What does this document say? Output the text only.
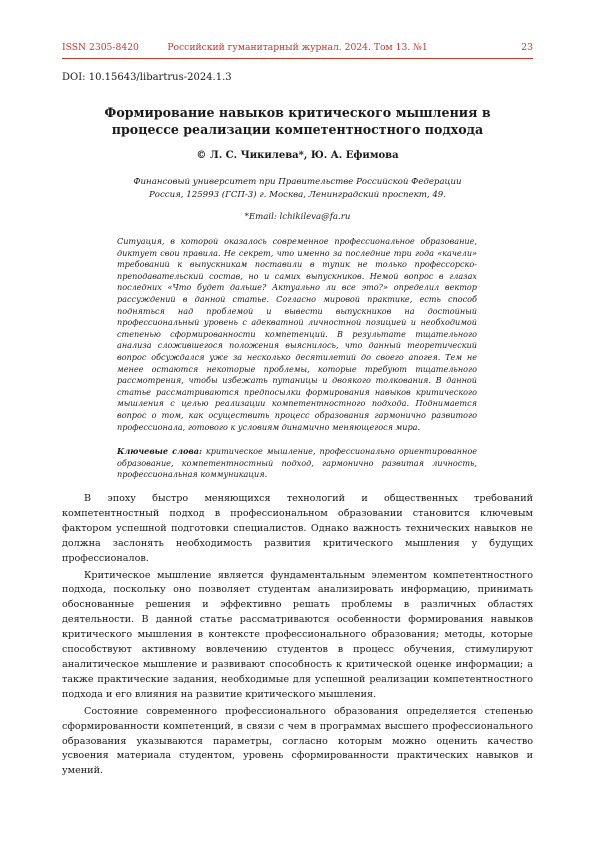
ISSN 2305-8420	Российский гуманитарный журнал. 2024. Том 13. №1	23
DOI: 10.15643/libartrus-2024.1.3
Формирование навыков критического мышления в процессе реализации компетентностного подхода
© Л. С. Чикилева*, Ю. А. Ефимова
Финансовый университет при Правительстве Российской Федерации
Россия, 125993 (ГСП-3) г. Москва, Ленинградский проспект, 49.
*Email: lchikileva@fa.ru
Ситуация, в которой оказалось современное профессиональное образование, диктует свои правила. Не секрет, что именно за последние три года «качели» требований к выпускникам поставили в тупик не только профессорско-преподавательский состав, но и самих выпускников. Немой вопрос в глазах последних «Что будет дальше? Актуально ли все это?» определил вектор рассуждений в данной статье. Согласно мировой практике, есть способ подняться над проблемой и вывести выпускников на достойный профессиональный уровень с адекватной личностной позицией и необходимой степенью сформированности компетенций. В результате тщательного анализа сложившегося положения выяснилось, что данный теоретический вопрос обсуждался уже за несколько десятилетий до своего апогея. Тем не менее остаются некоторые проблемы, которые требуют тщательного рассмотрения, чтобы избежать путаницы и двоякого толкования. В данной статье рассматриваются предпосылки формирования навыков критического мышления с целью реализации компетентностного подхода. Поднимается вопрос о том, как осуществить процесс образования гармонично развитого профессионала, готового к условиям динамично меняющегося мира.
Ключевые слова: критическое мышление, профессионально ориентированное образование, компетентностный подход, гармонично развитая личность, профессиональная коммуникация.

В эпоху быстро меняющихся технологий и общественных требований компетентностный подход в профессиональном образовании становится ключевым фактором успешной подготовки специалистов. Однако важность технических навыков не должна заслонять необходимость развития критического мышления у будущих профессионалов.

Критическое мышление является фундаментальным элементом компетентностного подхода, поскольку оно позволяет студентам анализировать информацию, принимать обоснованные решения и эффективно решать проблемы в различных областях деятельности. В данной статье рассматриваются особенности формирования навыков критического мышления в контексте профессионального образования; методы, которые способствуют активному вовлечению студентов в процесс обучения, стимулируют аналитическое мышление и развивают способность к критической оценке информации; а также практические задания, необходимые для успешной реализации компетентностного подхода и его влияния на развитие критического мышления.

Состояние современного профессионального образования определяется степенью сформированности компетенций, в связи с чем в программах высшего профессионального образования указываются параметры, согласно которым можно оценить качество усвоения материала студентом, уровень сформированности практических навыков и умений.
